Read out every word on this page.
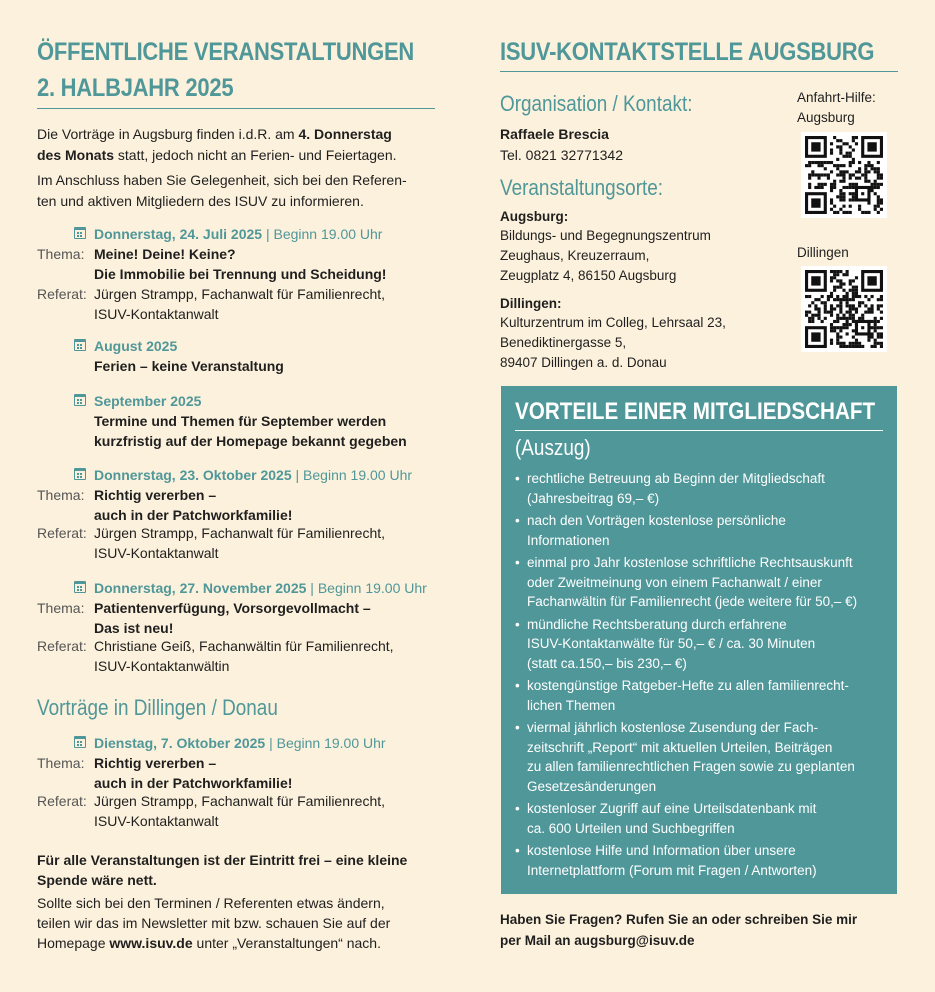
ÖFFENTLICHE VERANSTALTUNGEN
2. HALBJAHR 2025
Die Vorträge in Augsburg finden i.d.R. am 4. Donnerstag
des Monats statt, jedoch nicht an Ferien- und Feiertagen.
Im Anschluss haben Sie Gelegenheit, sich bei den Referen-
ten und aktiven Mitgliedern des ISUV zu informieren.
Donnerstag, 24. Juli 2025 | Beginn 19.00 Uhr
Thema: Meine! Deine! Keine?
Die Immobilie bei Trennung und Scheidung!
Referat: Jürgen Strampp, Fachanwalt für Familienrecht,
ISUV-Kontaktanwalt
August 2025
Ferien – keine Veranstaltung
September 2025
Termine und Themen für September werden
kurzfristig auf der Homepage bekannt gegeben
Donnerstag, 23. Oktober 2025 | Beginn 19.00 Uhr
Thema: Richtig vererben –
auch in der Patchworkfamilie!
Referat: Jürgen Strampp, Fachanwalt für Familienrecht,
ISUV-Kontaktanwalt
Donnerstag, 27. November 2025 | Beginn 19.00 Uhr
Thema: Patientenverfügung, Vorsorgevollmacht –
Das ist neu!
Referat: Christiane Geiß, Fachanwältin für Familienrecht,
ISUV-Kontaktanwältin
Vorträge in Dillingen / Donau
Dienstag, 7. Oktober 2025 | Beginn 19.00 Uhr
Thema: Richtig vererben –
auch in der Patchworkfamilie!
Referat: Jürgen Strampp, Fachanwalt für Familienrecht,
ISUV-Kontaktanwalt
Für alle Veranstaltungen ist der Eintritt frei – eine kleine
Spende wäre nett.
Sollte sich bei den Terminen / Referenten etwas ändern,
teilen wir das im Newsletter mit bzw. schauen Sie auf der
Homepage www.isuv.de unter „Veranstaltungen“ nach.
ISUV-KONTAKTSTELLE AUGSBURG
Organisation / Kontakt:
Raffaele Brescia
Tel. 0821 32771342
Veranstaltungsorte:
Augsburg:
Bildungs- und Begegnungszentrum
Zeughaus, Kreuzerraum,
Zeugplatz 4, 86150 Augsburg
Dillingen:
Kulturzentrum im Colleg, Lehrsaal 23,
Benediktinergasse 5,
89407 Dillingen a. d. Donau
Anfahrt-Hilfe:
Augsburg
Dillingen
Haben Sie Fragen? Rufen Sie an oder schreiben Sie mir
per Mail an augsburg@isuv.de
VORTEILE EINER MITGLIEDSCHAFT
(Auszug)
• rechtliche Betreuung ab Beginn der Mitgliedschaft
(Jahresbeitrag 69,– €)
• nach den Vorträgen kostenlose persönliche
Informationen
• einmal pro Jahr kostenlose schriftliche Rechtsauskunft
oder Zweitmeinung von einem Fachanwalt / einer
Fachanwältin für Familienrecht (jede weitere für 50,– €)
• mündliche Rechtsberatung durch erfahrene
ISUV-Kontaktanwälte für 50,– € / ca. 30 Minuten
(statt ca.150,– bis 230,– €)
• kostengünstige Ratgeber-Hefte zu allen familienrecht-
lichen Themen
• viermal jährlich kostenlose Zusendung der Fach-
zeitschrift „Report“ mit aktuellen Urteilen, Beiträgen
zu allen familienrechtlichen Fragen sowie zu geplanten
Gesetzesänderungen
• kostenloser Zugriff auf eine Urteilsdatenbank mit
ca. 600 Urteilen und Suchbegriffen
• kostenlose Hilfe und Information über unsere
Internetplattform (Forum mit Fragen / Antworten)
